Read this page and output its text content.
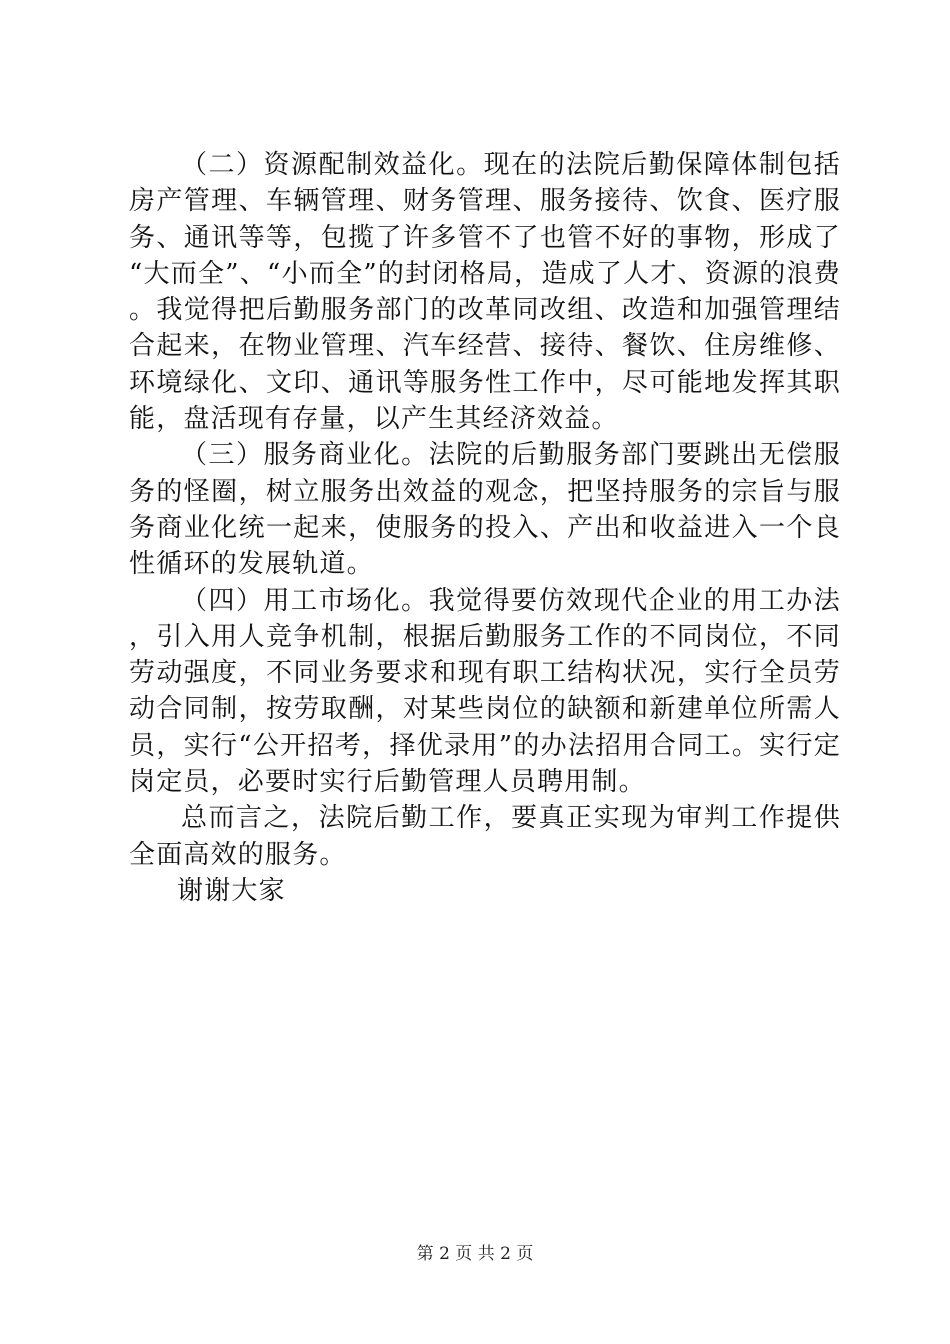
（二）资源配制效益化。现在的法院后勤保障体制包括房产管理、车辆管理、财务管理、服务接待、饮食、医疗服务、通讯等等，包揽了许多管不了也管不好的事物，形成了“大而全”、“小而全”的封闭格局，造成了人才、资源的浪费。我觉得把后勤服务部门的改革同改组、改造和加强管理结合起来，在物业管理、汽车经营、接待、餐饮、住房维修、环境绿化、文印、通讯等服务性工作中，尽可能地发挥其职能，盘活现有存量，以产生其经济效益。

（三）服务商业化。法院的后勤服务部门要跳出无偿服务的怪圈，树立服务出效益的观念，把坚持服务的宗旨与服务商业化统一起来，使服务的投入、产出和收益进入一个良性循环的发展轨道。

（四）用工市场化。我觉得要仿效现代企业的用工办法，引入用人竞争机制，根据后勤服务工作的不同岗位，不同劳动强度，不同业务要求和现有职工结构状况，实行全员劳动合同制，按劳取酬，对某些岗位的缺额和新建单位所需人员，实行“公开招考，择优录用”的办法招用合同工。实行定岗定员，必要时实行后勤管理人员聘用制。

总而言之，法院后勤工作，要真正实现为审判工作提供全面高效的服务。

谢谢大家

第 2 页 共 2 页
